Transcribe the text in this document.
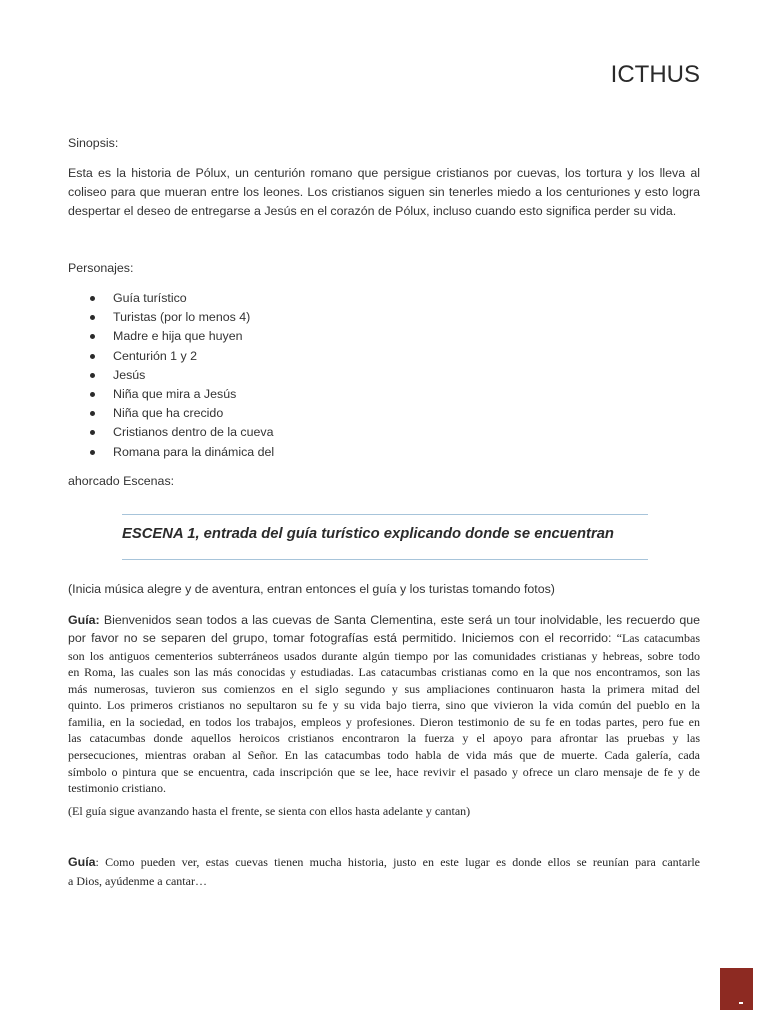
ICTHUS
Sinopsis:
Esta es la historia de Pólux, un centurión romano que persigue cristianos por cuevas, los tortura y los lleva al
coliseo para que mueran entre los leones. Los cristianos siguen sin tenerles miedo a los centuriones y esto logra
despertar el deseo de entregarse a Jesús en el corazón de Pólux, incluso cuando esto significa perder su vida.
Personajes:
Guía turístico
Turistas (por lo menos 4)
Madre e hija que huyen
Centurión 1 y 2
Jesús
Niña que mira a Jesús
Niña que ha crecido
Cristianos dentro de la cueva
Romana para la dinámica del
ahorcado Escenas:
ESCENA 1, entrada del guía turístico explicando donde se encuentran
(Inicia música alegre y de aventura, entran entonces el guía y los turistas tomando fotos)
Guía: Bienvenidos sean todos a las cuevas de Santa Clementina, este será un tour inolvidable, les recuerdo que
por favor no se separen del grupo, tomar fotografías está permitido. Iniciemos con el recorrido: “Las catacumbas
son los antiguos cementerios subterráneos usados durante algún tiempo por las comunidades cristianas y hebreas, sobre todo
en Roma, las cuales son las más conocidas y estudiadas. Las catacumbas cristianas como en la que nos encontramos, son las
más numerosas, tuvieron sus comienzos en el siglo segundo y sus ampliaciones continuaron hasta la primera mitad del
quinto. Los primeros cristianos no sepultaron su fe y su vida bajo tierra, sino que vivieron la vida común del pueblo en la
familia, en la sociedad, en todos los trabajos, empleos y profesiones. Dieron testimonio de su fe en todas partes, pero fue en
las catacumbas donde aquellos heroicos cristianos encontraron la fuerza y el apoyo para afrontar las pruebas y las
persecuciones, mientras oraban al Señor. En las catacumbas todo habla de vida más que de muerte. Cada galería, cada
símbolo o pintura que se encuentra, cada inscripción que se lee, hace revivir el pasado y ofrece un claro mensaje de fe y de
testimonio cristiano.
(El guía sigue avanzando hasta el frente, se sienta con ellos hasta adelante y cantan)
Guía: Como pueden ver, estas cuevas tienen mucha historia, justo en este lugar es donde ellos se reunían para cantarle
a Dios, ayúdenme a cantar…
